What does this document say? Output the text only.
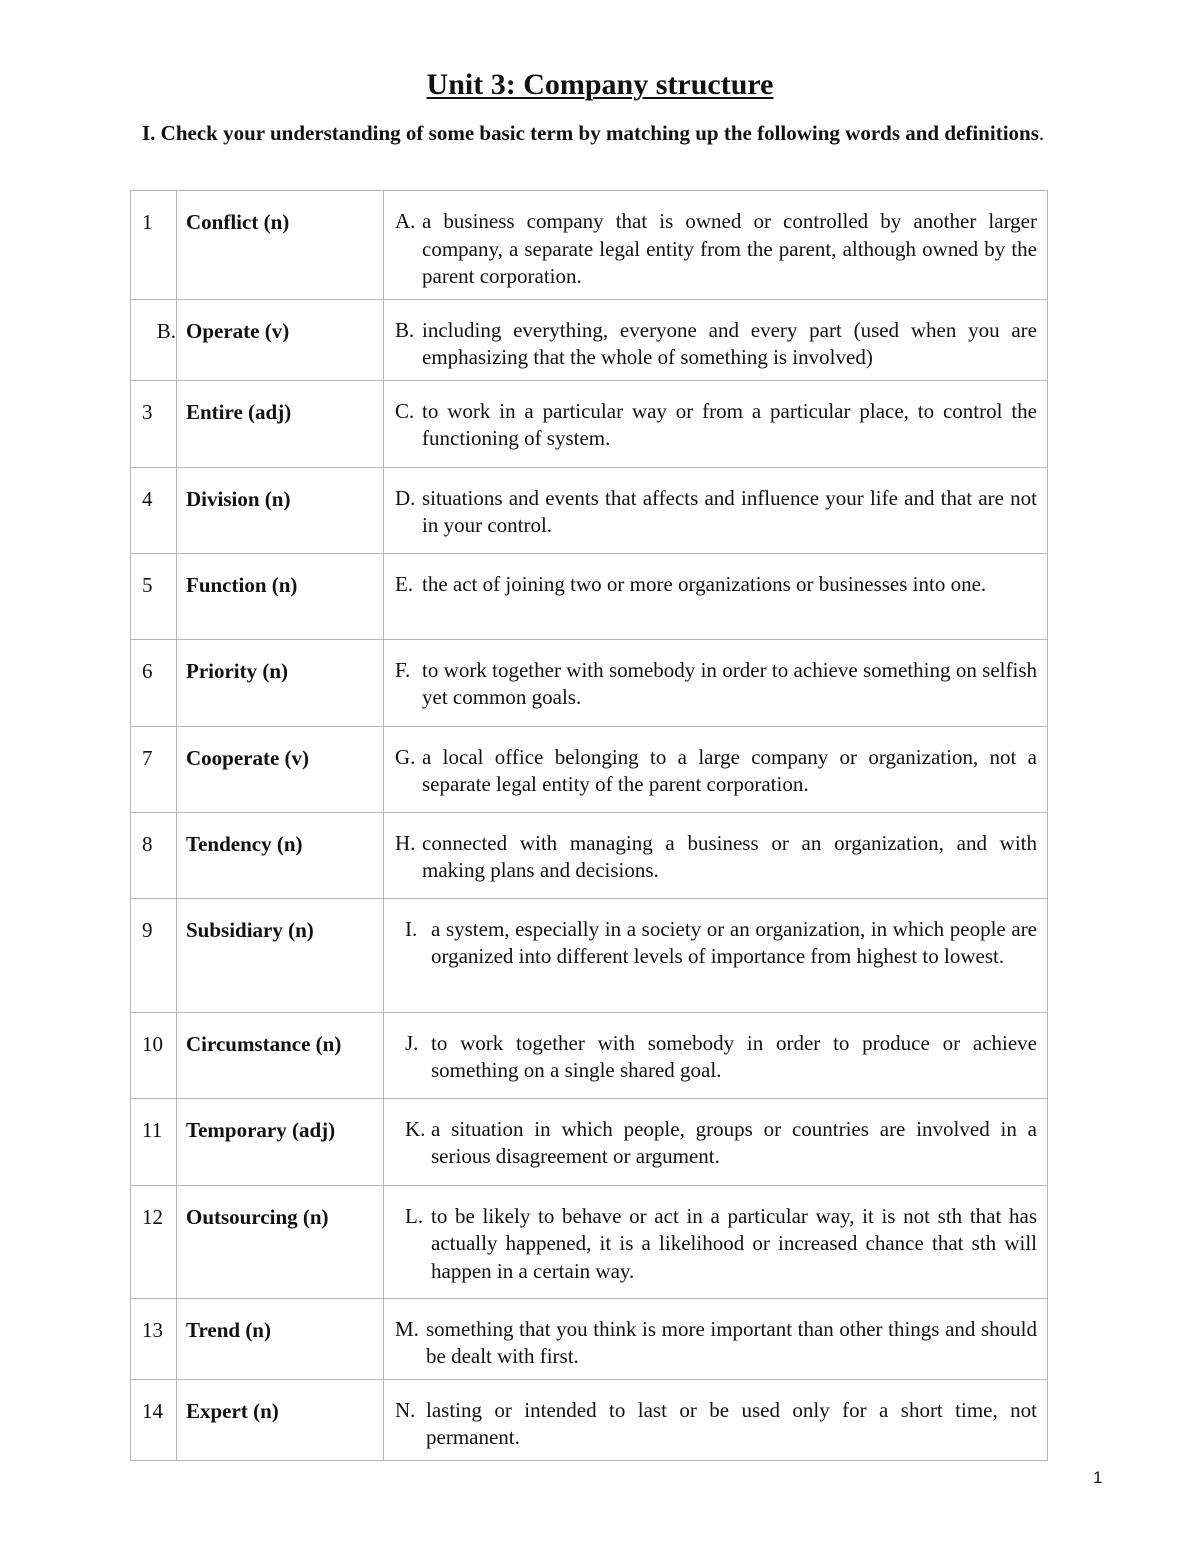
Unit 3: Company structure
I. Check your understanding of some basic term by matching up the following words and definitions.
1	Conflict (n)	A. a business company that is owned or controlled by another larger company, a separate legal entity from the parent, although owned by the parent corporation.

B.	Operate (v)	B. including everything, everyone and every part (used when you are emphasizing that the whole of something is involved)

3	Entire (adj)	C. to work in a particular way or from a particular place, to control the functioning of system.

4	Division (n)	D. situations and events that affects and influence your life and that are not in your control.

5	Function (n)	E. the act of joining two or more organizations or businesses into one.

6	Priority (n)	F. to work together with somebody in order to achieve something on selfish yet common goals.

7	Cooperate (v)	G. a local office belonging to a large company or organization, not a separate legal entity of the parent corporation.

8	Tendency (n)	H. connected with managing a business or an organization, and with making plans and decisions.

9	Subsidiary (n)	I. a system, especially in a society or an organization, in which people are organized into different levels of importance from highest to lowest.

10	Circumstance (n)	J. to work together with somebody in order to produce or achieve something on a single shared goal.

11	Temporary (adj)	K. a situation in which people, groups or countries are involved in a serious disagreement or argument.

12	Outsourcing (n)	L. to be likely to behave or act in a particular way, it is not sth that has actually happened, it is a likelihood or increased chance that sth will happen in a certain way.

13	Trend (n)	M. something that you think is more important than other things and should be dealt with first.

14	Expert (n)	N. lasting or intended to last or be used only for a short time, not permanent.
1
